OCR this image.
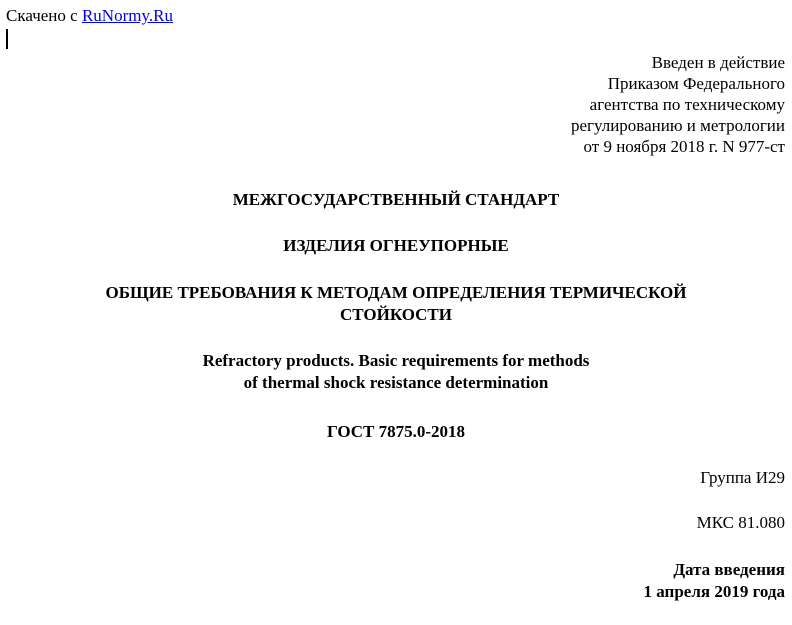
Скачено с RuNormy.Ru
Введен в действие
Приказом Федерального
агентства по техническому
регулированию и метрологии
от 9 ноября 2018 г. N 977-ст
МЕЖГОСУДАРСТВЕННЫЙ СТАНДАРТ
ИЗДЕЛИЯ ОГНЕУПОРНЫЕ
ОБЩИЕ ТРЕБОВАНИЯ К МЕТОДАМ ОПРЕДЕЛЕНИЯ ТЕРМИЧЕСКОЙ
СТОЙКОСТИ
Refractory products. Basic requirements for methods
of thermal shock resistance determination
ГОСТ 7875.0-2018
Группа И29
МКС 81.080
Дата введения
1 апреля 2019 года
